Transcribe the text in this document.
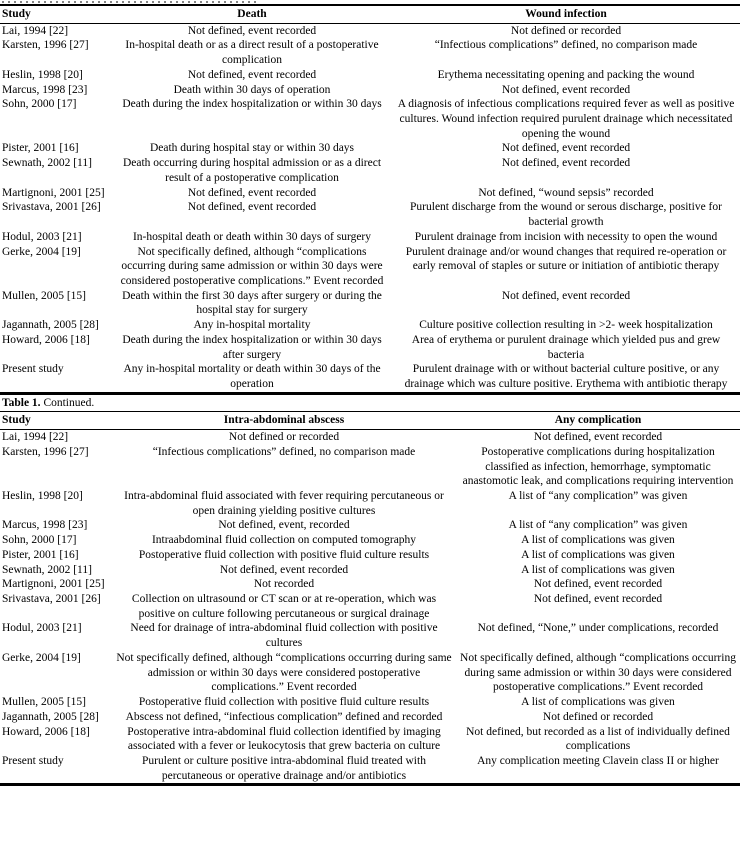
Study	Death	Wound infection
Lai, 1994 [22]	Not defined, event recorded	Not defined or recorded
Karsten, 1996 [27]	In-hospital death or as a direct result of a postoperative complication	“Infectious complications” defined, no comparison made
Heslin, 1998 [20]	Not defined, event recorded	Erythema necessitating opening and packing the wound
Marcus, 1998 [23]	Death within 30 days of operation	Not defined, event recorded
Sohn, 2000 [17]	Death during the index hospitalization or within 30 days	A diagnosis of infectious complications required fever as well as positive cultures. Wound infection required purulent drainage which necessitated opening the wound
Pister, 2001 [16]	Death during hospital stay or within 30 days	Not defined, event recorded
Sewnath, 2002 [11]	Death occurring during hospital admission or as a direct result of a postoperative complication	Not defined, event recorded
Martignoni, 2001 [25]	Not defined, event recorded	Not defined, “wound sepsis” recorded
Srivastava, 2001 [26]	Not defined, event recorded	Purulent discharge from the wound or serous discharge, positive for bacterial growth
Hodul, 2003 [21]	In-hospital death or death within 30 days of surgery	Purulent drainage from incision with necessity to open the wound
Gerke, 2004 [19]	Not specifically defined, although “complications occurring during same admission or within 30 days were considered postoperative complications.” Event recorded	Purulent drainage and/or wound changes that required re-operation or early removal of staples or suture or initiation of antibiotic therapy
Mullen, 2005 [15]	Death within the first 30 days after surgery or during the hospital stay for surgery	Not defined, event recorded
Jagannath, 2005 [28]	Any in-hospital mortality	Culture positive collection resulting in >2- week hospitalization
Howard, 2006 [18]	Death during the index hospitalization or within 30 days after surgery	Area of erythema or purulent drainage which yielded pus and grew bacteria
Present study	Any in-hospital mortality or death within 30 days of the operation	Purulent drainage with or without bacterial culture positive, or any drainage which was culture positive. Erythema with antibiotic therapy
Table 1. Continued.
Study	Intra-abdominal abscess	Any complication
Lai, 1994 [22]	Not defined or recorded	Not defined, event recorded
Karsten, 1996 [27]	“Infectious complications” defined, no comparison made	Postoperative complications during hospitalization classified as infection, hemorrhage, symptomatic anastomotic leak, and complications requiring intervention
Heslin, 1998 [20]	Intra-abdominal fluid associated with fever requiring percutaneous or open draining yielding positive cultures	A list of “any complication” was given
Marcus, 1998 [23]	Not defined, event, recorded	A list of “any complication” was given
Sohn, 2000 [17]	Intraabdominal fluid collection on computed tomography	A list of complications was given
Pister, 2001 [16]	Postoperative fluid collection with positive fluid culture results	A list of complications was given
Sewnath, 2002 [11]	Not defined, event recorded	A list of complications was given
Martignoni, 2001 [25]	Not recorded	Not defined, event recorded
Srivastava, 2001 [26]	Collection on ultrasound or CT scan or at re-operation, which was positive on culture following percutaneous or surgical drainage	Not defined, event recorded
Hodul, 2003 [21]	Need for drainage of intra-abdominal fluid collection with positive cultures	Not defined, “None,” under complications, recorded
Gerke, 2004 [19]	Not specifically defined, although “complications occurring during same admission or within 30 days were considered postoperative complications.” Event recorded	Not specifically defined, although “complications occurring during same admission or within 30 days were considered postoperative complications.” Event recorded
Mullen, 2005 [15]	Postoperative fluid collection with positive fluid culture results	A list of complications was given
Jagannath, 2005 [28]	Abscess not defined, “infectious complication” defined and recorded	Not defined or recorded
Howard, 2006 [18]	Postoperative intra-abdominal fluid collection identified by imaging associated with a fever or leukocytosis that grew bacteria on culture	Not defined, but recorded as a list of individually defined complications
Present study	Purulent or culture positive intra-abdominal fluid treated with percutaneous or operative drainage and/or antibiotics	Any complication meeting Clavein class II or higher
